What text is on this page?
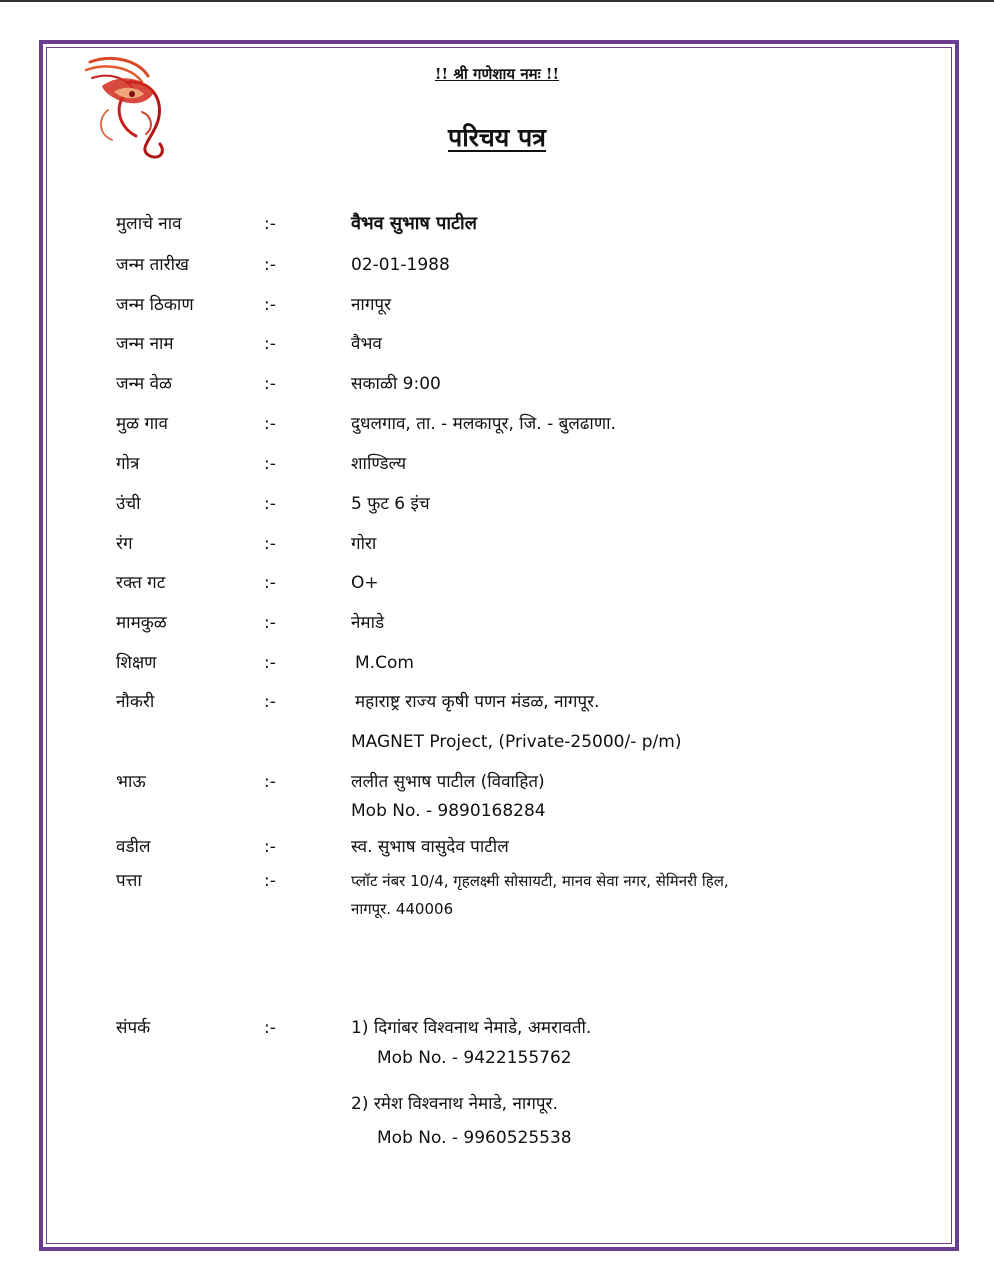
!! श्री गणेशाय नमः !!
परिचय पत्र
मुलाचे नाव	:-	वैभव सुभाष पाटील
जन्म तारीख	:-	02-01-1988
जन्म ठिकाण	:-	नागपूर
जन्म नाम	:-	वैभव
जन्म वेळ	:-	सकाळी 9:00
मुळ गाव	:-	दुधलगाव, ता. - मलकापूर, जि. - बुलढाणा.
गोत्र	:-	शाण्डिल्य
उंची	:-	5 फुट 6 इंच
रंग	:-	गोरा
रक्त गट	:-	O+
मामकुळ	:-	नेमाडे
शिक्षण	:-	M.Com
नौकरी	:-	महाराष्ट्र राज्य कृषी पणन मंडळ, नागपूर.
MAGNET Project, (Private-25000/- p/m)
भाऊ	:-	ललीत सुभाष पाटील (विवाहित)
Mob No. - 9890168284
वडील	:-	स्व. सुभाष वासुदेव पाटील
पत्ता	:-	प्लॉट नंबर 10/4, गृहलक्ष्मी सोसायटी, मानव सेवा नगर, सेमिनरी हिल,
नागपूर. 440006
संपर्क	:-	1) दिगांबर विश्वनाथ नेमाडे, अमरावती.
Mob No. - 9422155762
2) रमेश विश्वनाथ नेमाडे, नागपूर.
Mob No. - 9960525538
